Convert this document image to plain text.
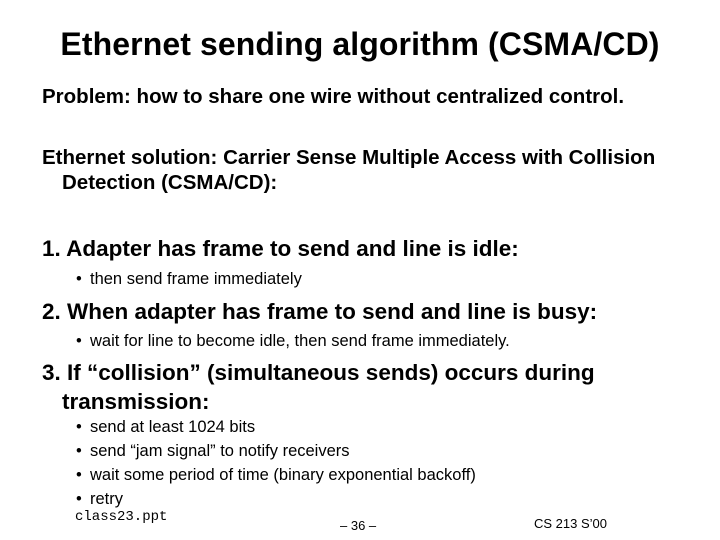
Ethernet sending algorithm (CSMA/CD)

Problem: how to share one wire without centralized control.

Ethernet solution: Carrier Sense Multiple Access with Collision Detection (CSMA/CD):

1. Adapter has frame to send and line is idle:

• then send frame immediately

2. When adapter has frame to send and line is busy:

• wait for line to become idle, then send frame immediately.

3. If “collision” (simultaneous sends) occurs during transmission:

• send at least 1024 bits
• send “jam signal” to notify receivers
• wait some period of time (binary exponential backoff)
• retry
class23.ppt
– 36 –	CS 213 S’00
